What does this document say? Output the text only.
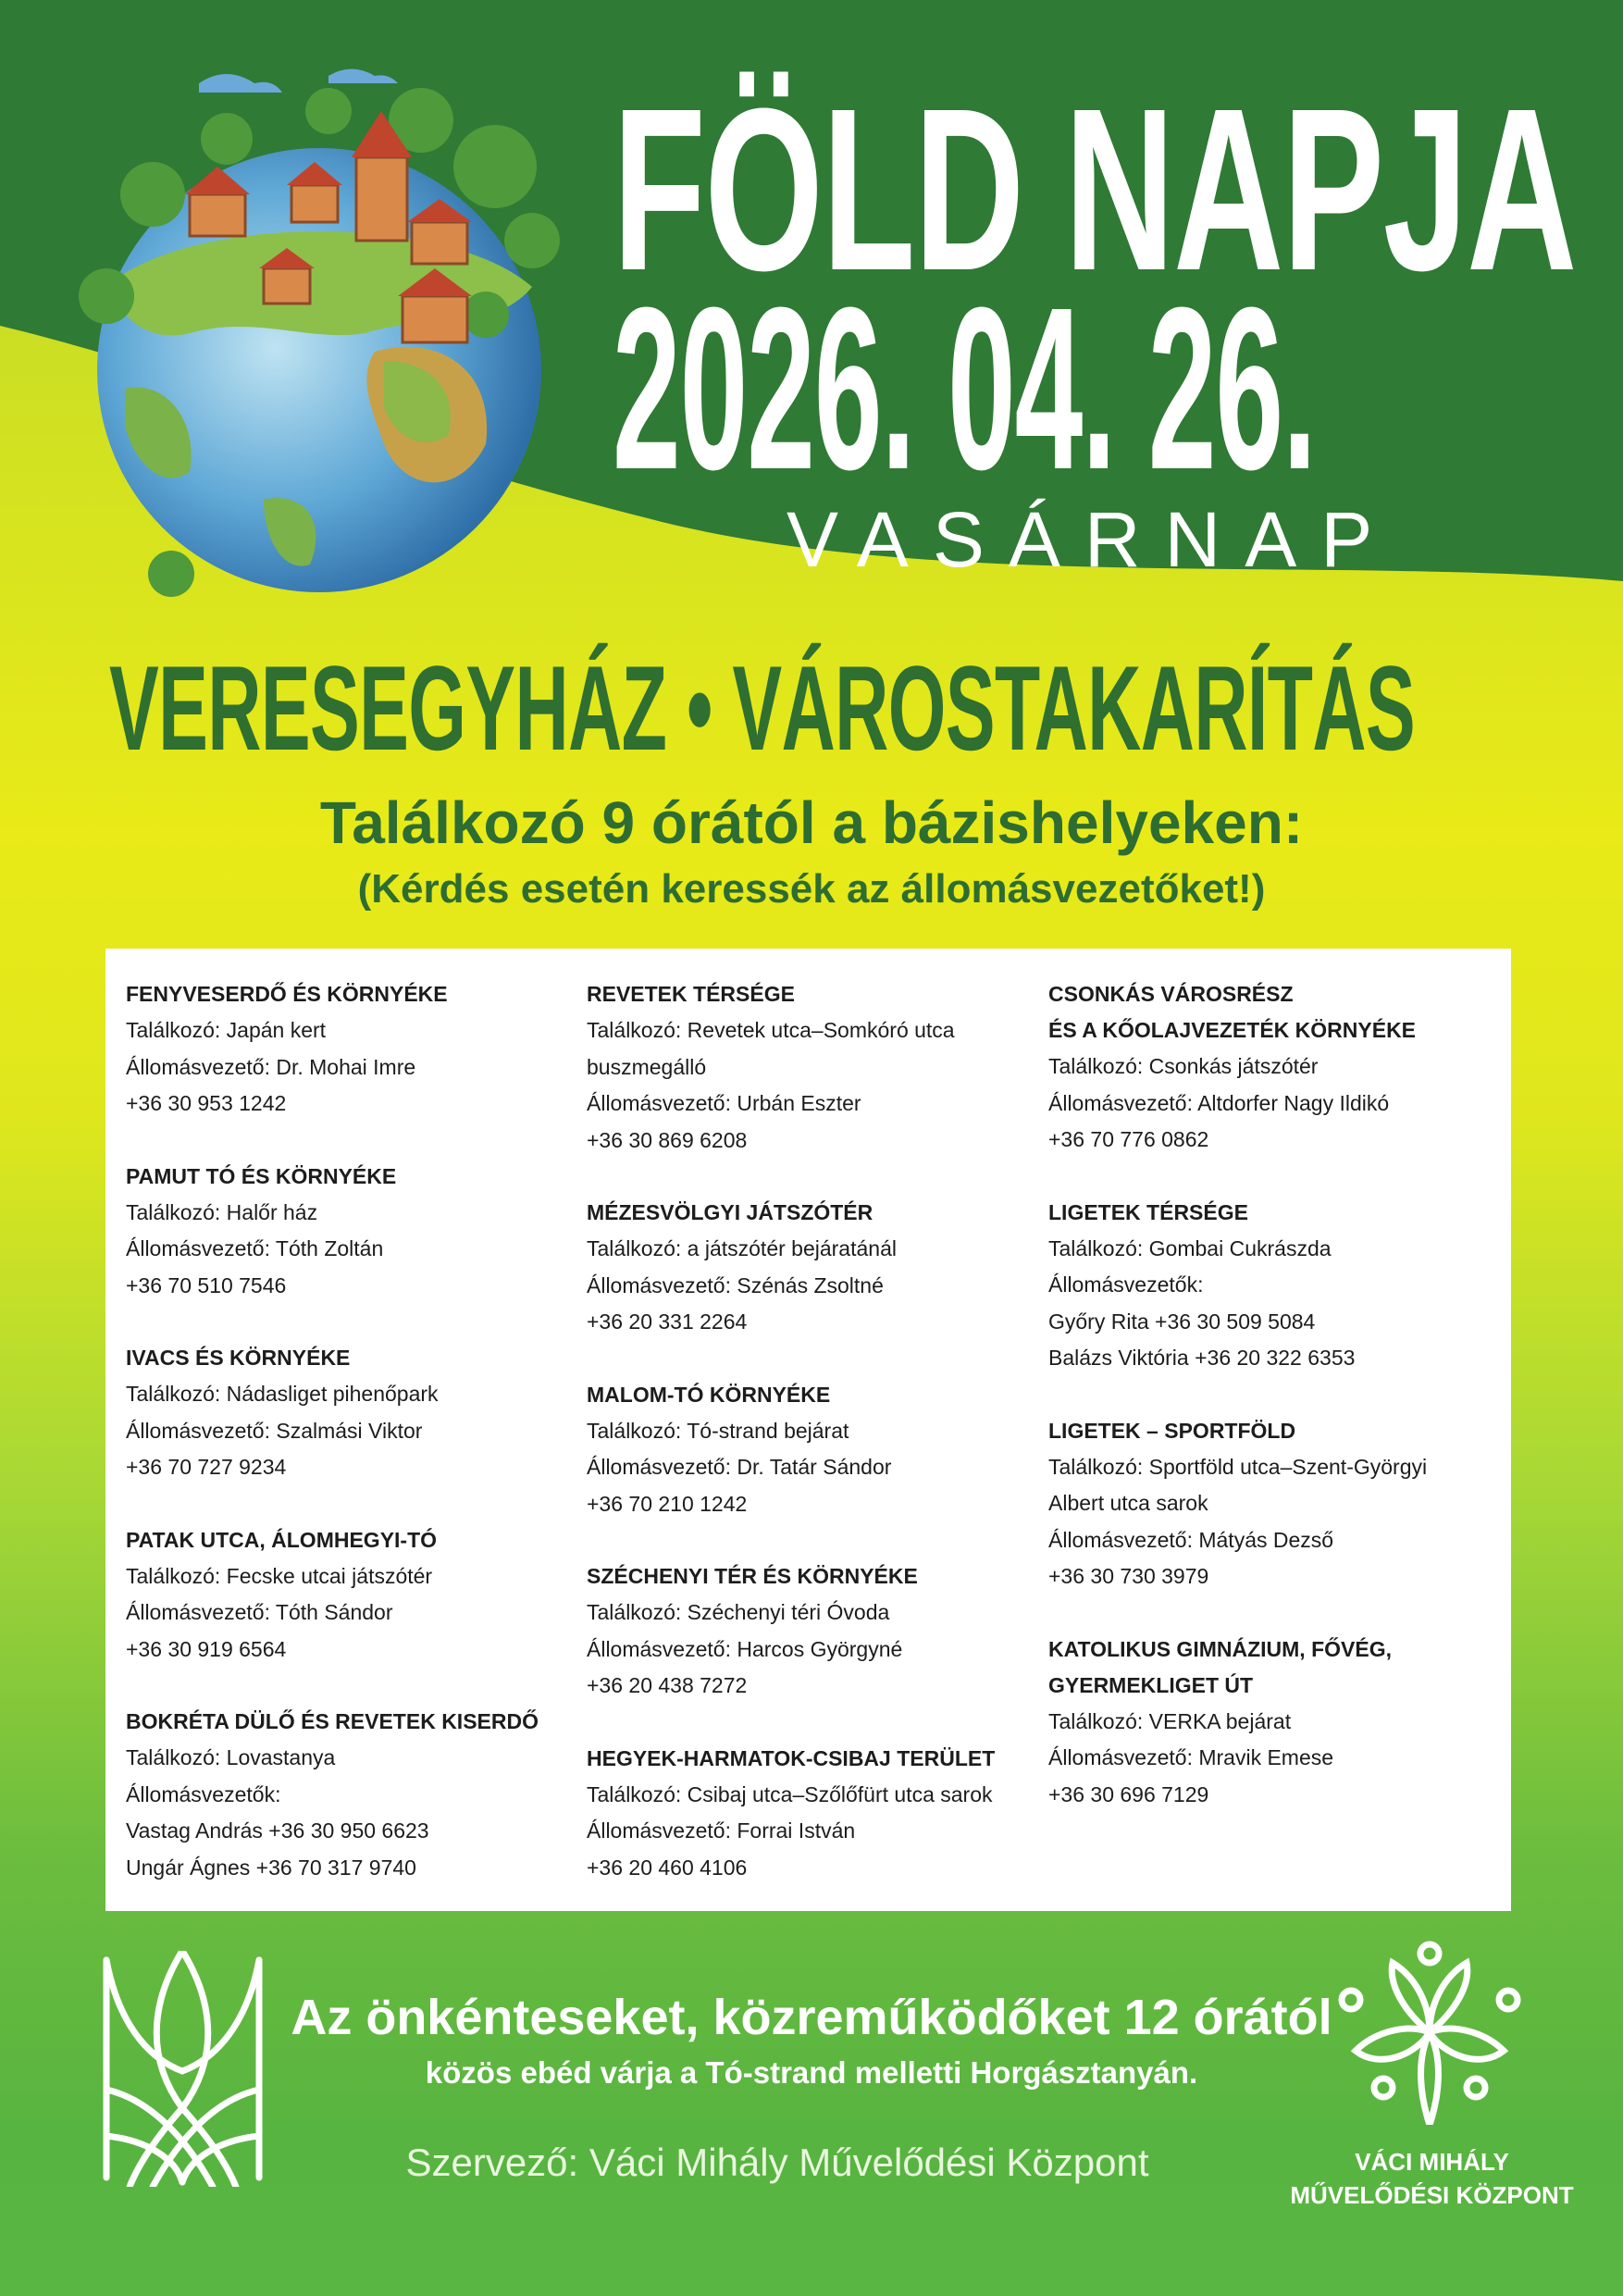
FÖLD NAPJA
2026. 04. 26.
VASÁRNAP
VERESEGYHÁZ • VÁROSTAKARÍTÁS
Találkozó 9 órától a bázishelyeken:
(Kérdés esetén keressék az állomásvezetőket!)
FENYVESERDŐ ÉS KÖRNYÉKE
Találkozó: Japán kert
Állomásvezető: Dr. Mohai Imre
+36 30 953 1242
PAMUT TÓ ÉS KÖRNYÉKE
Találkozó: Halőr ház
Állomásvezető: Tóth Zoltán
+36 70 510 7546
IVACS ÉS KÖRNYÉKE
Találkozó: Nádasliget pihenőpark
Állomásvezető: Szalmási Viktor
+36 70 727 9234
PATAK UTCA, ÁLOMHEGYI-TÓ
Találkozó: Fecske utcai játszótér
Állomásvezető: Tóth Sándor
+36 30 919 6564
BOKRÉTA DÜLŐ ÉS REVETEK KISERDŐ
Találkozó: Lovastanya
Állomásvezetők:
Vastag András +36 30 950 6623
Ungár Ágnes +36 70 317 9740
REVETEK TÉRSÉGE
Találkozó: Revetek utca–Somkóró utca
buszmegálló
Állomásvezető: Urbán Eszter
+36 30 869 6208
MÉZESVÖLGYI JÁTSZÓTÉR
Találkozó: a játszótér bejáratánál
Állomásvezető: Szénás Zsoltné
+36 20 331 2264
MALOM-TÓ KÖRNYÉKE
Találkozó: Tó-strand bejárat
Állomásvezető: Dr. Tatár Sándor
+36 70 210 1242
SZÉCHENYI TÉR ÉS KÖRNYÉKE
Találkozó: Széchenyi téri Óvoda
Állomásvezető: Harcos Györgyné
+36 20 438 7272
HEGYEK-HARMATOK-CSIBAJ TERÜLET
Találkozó: Csibaj utca–Szőlőfürt utca sarok
Állomásvezető: Forrai István
+36 20 460 4106
CSONKÁS VÁROSRÉSZ
ÉS A KŐOLAJVEZETÉK KÖRNYÉKE
Találkozó: Csonkás játszótér
Állomásvezető: Altdorfer Nagy Ildikó
+36 70 776 0862
LIGETEK TÉRSÉGE
Találkozó: Gombai Cukrászda
Állomásvezetők:
Győry Rita +36 30 509 5084
Balázs Viktória +36 20 322 6353
LIGETEK – SPORTFÖLD
Találkozó: Sportföld utca–Szent-Györgyi
Albert utca sarok
Állomásvezető: Mátyás Dezső
+36 30 730 3979
KATOLIKUS GIMNÁZIUM, FŐVÉG,
GYERMEKLIGET ÚT
Találkozó: VERKA bejárat
Állomásvezető: Mravik Emese
+36 30 696 7129
Az önkénteseket, közreműködőket 12 órától
közös ebéd várja a Tó-strand melletti Horgásztanyán.
Szervező: Váci Mihály Művelődési Központ	VÁCI MIHÁLY
MŰVELŐDÉSI KÖZPONT
